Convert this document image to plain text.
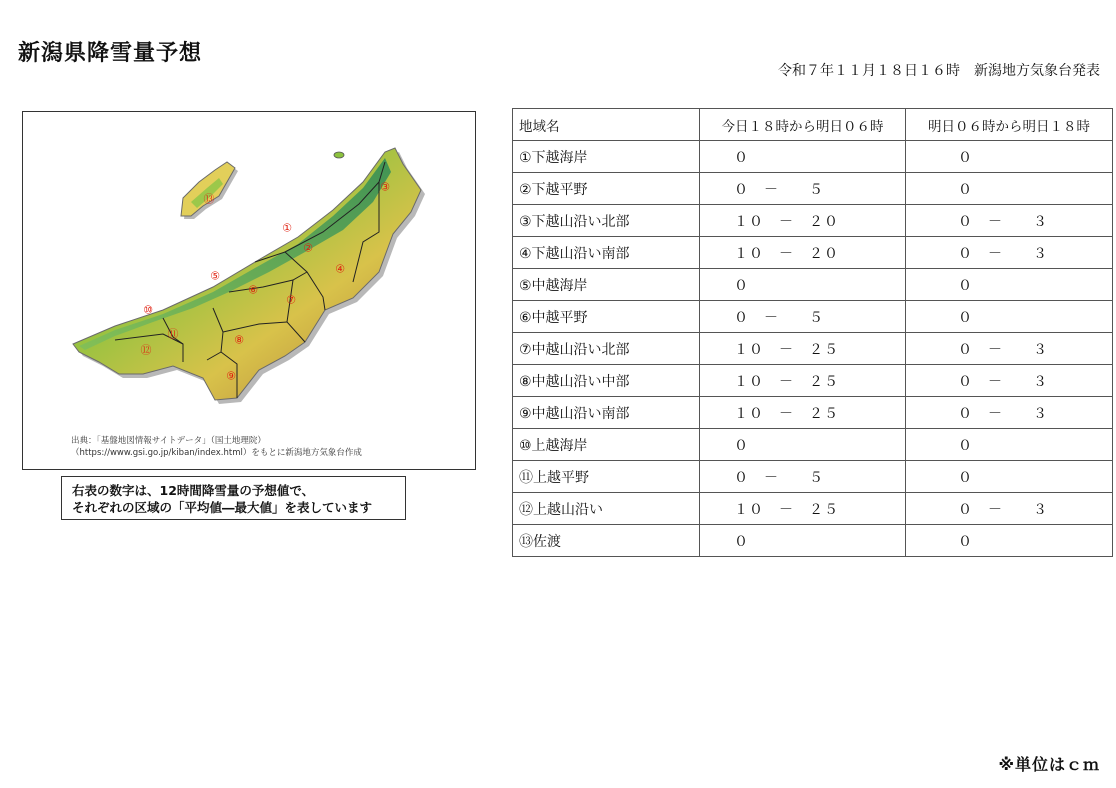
新潟県降雪量予想
令和７年１１月１８日１６時　新潟地方気象台発表
①
②
③
④
⑤
⑥
⑦
⑧
⑨
⑩
⑪
⑫
⑬
出典：「基盤地図情報サイトデータ」（国土地理院）
（https://www.gsi.go.jp/kiban/index.html）をもとに新潟地方気象台作成
右表の数字は、12時間降雪量の予想値で、
それぞれの区域の「平均値―最大値」を表しています
地域名	今日１８時から明日０６時	明日０６時から明日１８時
①下越海岸	０	０
②下越平野	０　－　　５	０
③下越山沿い北部	１０　－　２０	０　－　　３
④下越山沿い南部	１０　－　２０	０　－　　３
⑤中越海岸	０	０
⑥中越平野	０　－　　５	０
⑦中越山沿い北部	１０　－　２５	０　－　　３
⑧中越山沿い中部	１０　－　２５	０　－　　３
⑨中越山沿い南部	１０　－　２５	０　－　　３
⑩上越海岸	０	０
⑪上越平野	０　－　　５	０
⑫上越山沿い	１０　－　２５	０　－　　３
⑬佐渡	０	０
※単位はｃｍ
